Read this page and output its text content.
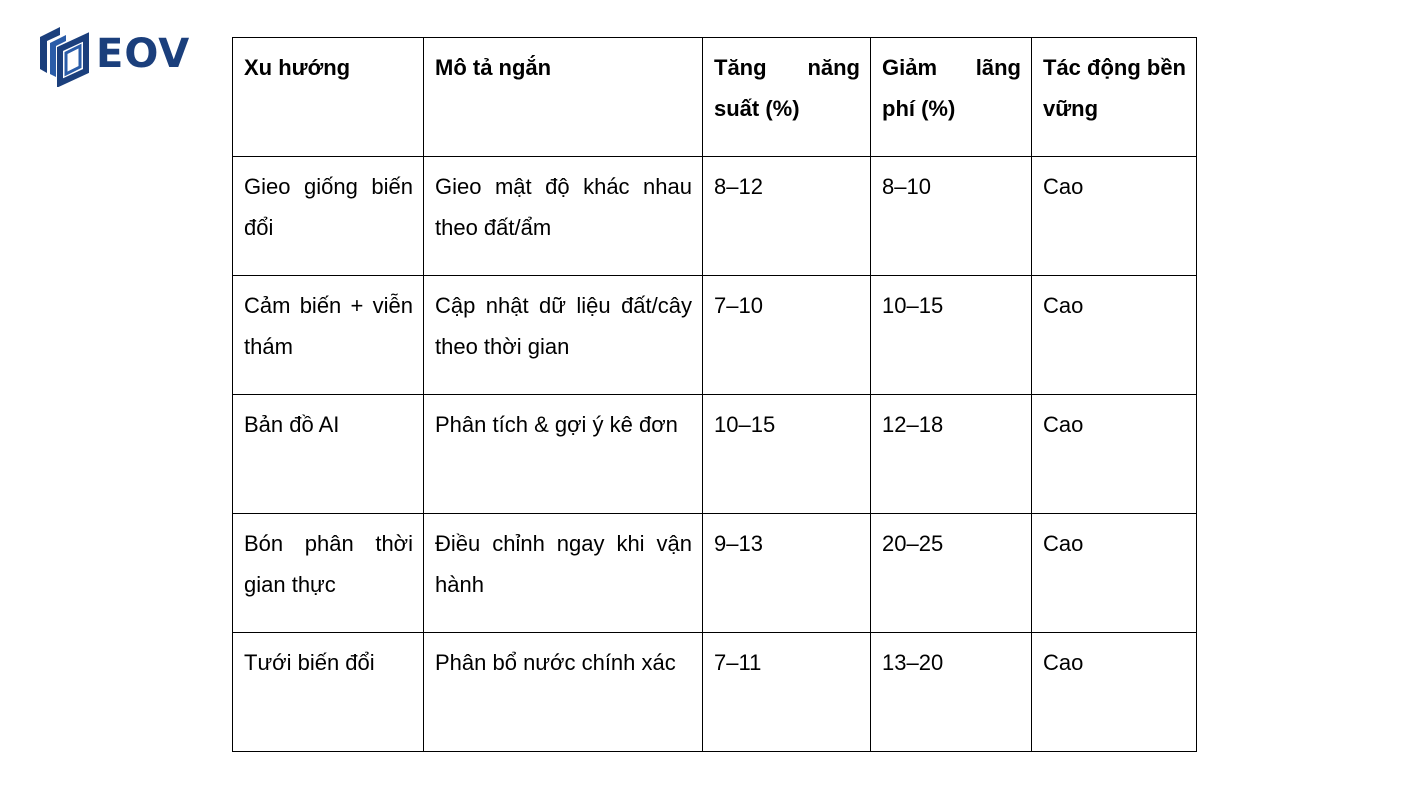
EOV Xu hướng	Mô tả ngắn	Tăng năng suất (%)	Giảm lãng phí (%)	Tác động bền vững
Gieo giống biến đổi	Gieo mật độ khác nhau theo đất/ẩm	8–12	8–10	Cao
Cảm biến + viễn thám	Cập nhật dữ liệu đất/cây theo thời gian	7–10	10–15	Cao
Bản đồ AI	Phân tích & gợi ý kê đơn	10–15	12–18	Cao
Bón phân thời gian thực	Điều chỉnh ngay khi vận hành	9–13	20–25	Cao
Tưới biến đổi	Phân bổ nước chính xác	7–11	13–20	Cao
